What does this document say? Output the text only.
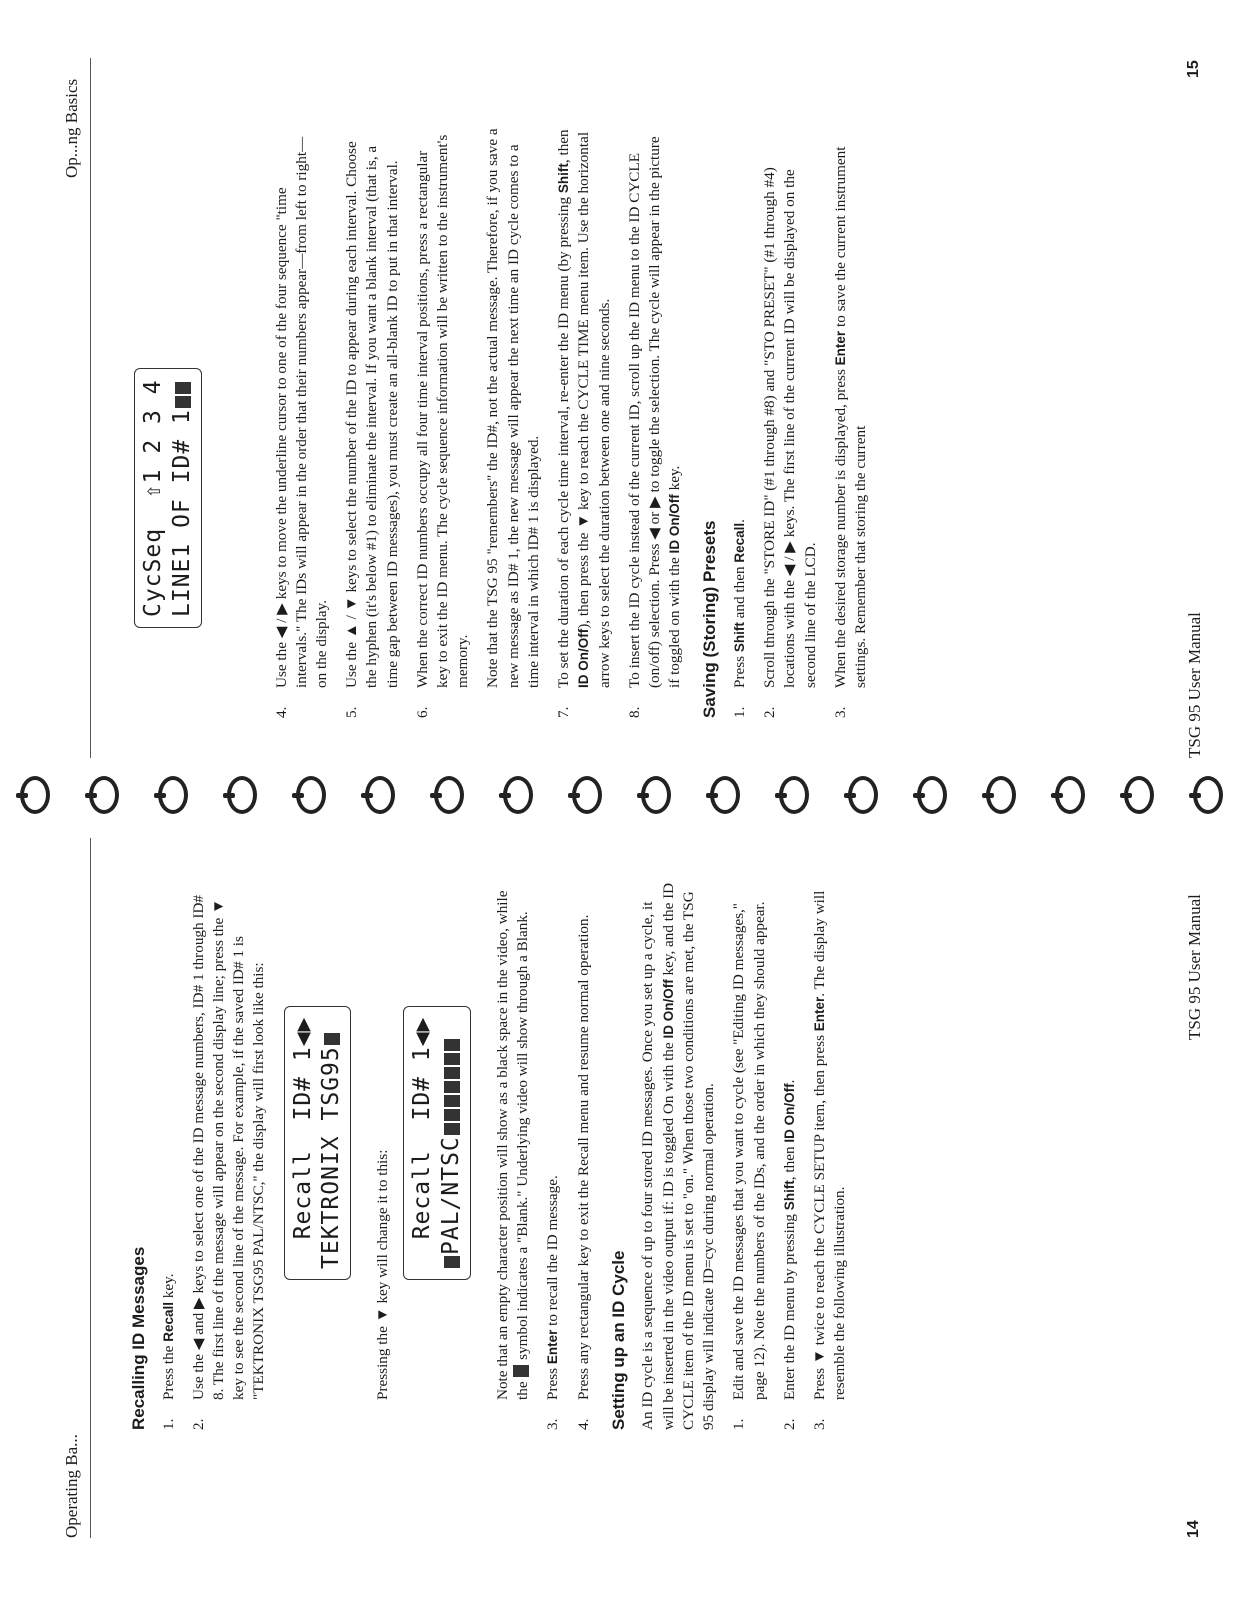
Operating Ba...
Recalling ID Messages 1.
Press the Recall key.
2.
Use the ◀ and ▶ keys to select one of the ID message numbers, ID# 1 through ID# 8. The first line of the message will appear on the second display line; press the ▼ key to see the second line of the message. For example, if the saved ID# 1 is "TEKTRONIX TSG95 PAL/NTSC," the display will first look like this: Recall  ID# 1◀▶ TEKTRONIX TSG95	Pressing the ▼ key will change it to this:

Recall  ID# 1◀▶ PAL/NTSC	Note that an empty character position will show as a black space in the video, while the  symbol indicates a "Blank." Underlying video will show through a Blank.

3.
Press Enter to recall the ID message.
4.
Press any rectangular key to exit the Recall menu and resume normal operation. Setting up an ID Cycle An ID cycle is a sequence of up to four stored ID messages. Once you set up a cycle, it will be inserted in the video output if: ID is toggled On with the ID On/Off key, and the ID CYCLE item of the ID menu is set to "on." When those two conditions are met, the TSG 95 display will indicate ID=cyc during normal operation. 1.
Edit and save the ID messages that you want to cycle (see "Editing ID messages," page 12). Note the numbers of the IDs, and the order in which they should appear.
2.
Enter the ID menu by pressing Shift, then ID On/Off.
3.
Press ▼ twice to reach the CYCLE SETUP item, then press Enter. The display will resemble the following illustration.
14
TSG 95 User Manual
Op...ng Basics
CycSeq  ⇧1 2 3 4 LINE1 OF ID# 1
4.
Use the ◀ / ▶ keys to move the underline cursor to one of the four sequence "time intervals." The IDs will appear in the order that their numbers appear—from left to right—on the display.
5.
Use the ▲ / ▼ keys to select the number of the ID to appear during each interval. Choose the hyphen (it's below #1) to eliminate the interval. If you want a blank interval (that is, a time gap between ID messages), you must create an all-blank ID to put in that interval.
6.
When the correct ID numbers occupy all four time interval positions, press a rectangular key to exit the ID menu. The cycle sequence information will be written to the instrument's memory. Note that the TSG 95 "remembers" the ID#, not the actual message. Therefore, if you save a new message as ID# 1, the new message will appear the next time an ID cycle comes to a time interval in which ID# 1 is displayed.

7.
To set the duration of each cycle time interval, re-enter the ID menu (by pressing Shift, then ID On/Off), then press the ▼ key to reach the CYCLE TIME menu item. Use the horizontal arrow keys to select the duration between one and nine seconds.
8.
To insert the ID cycle instead of the current ID, scroll up the ID menu to the ID CYCLE (on/off) selection. Press ◀ or ▶ to toggle the selection. The cycle will appear in the picture if toggled on with the ID On/Off key.
Saving (Storing) Presets 1.
Press Shift and then Recall.
2.
Scroll through the "STORE ID" (#1 through #8) and "STO PRESET" (#1 through #4) locations with the ◀ / ▶ keys. The first line of the current ID will be displayed on the second line of the LCD.
3.
When the desired storage number is displayed, press Enter to save the current instrument settings. Remember that storing the current	TSG 95 User Manual
15
